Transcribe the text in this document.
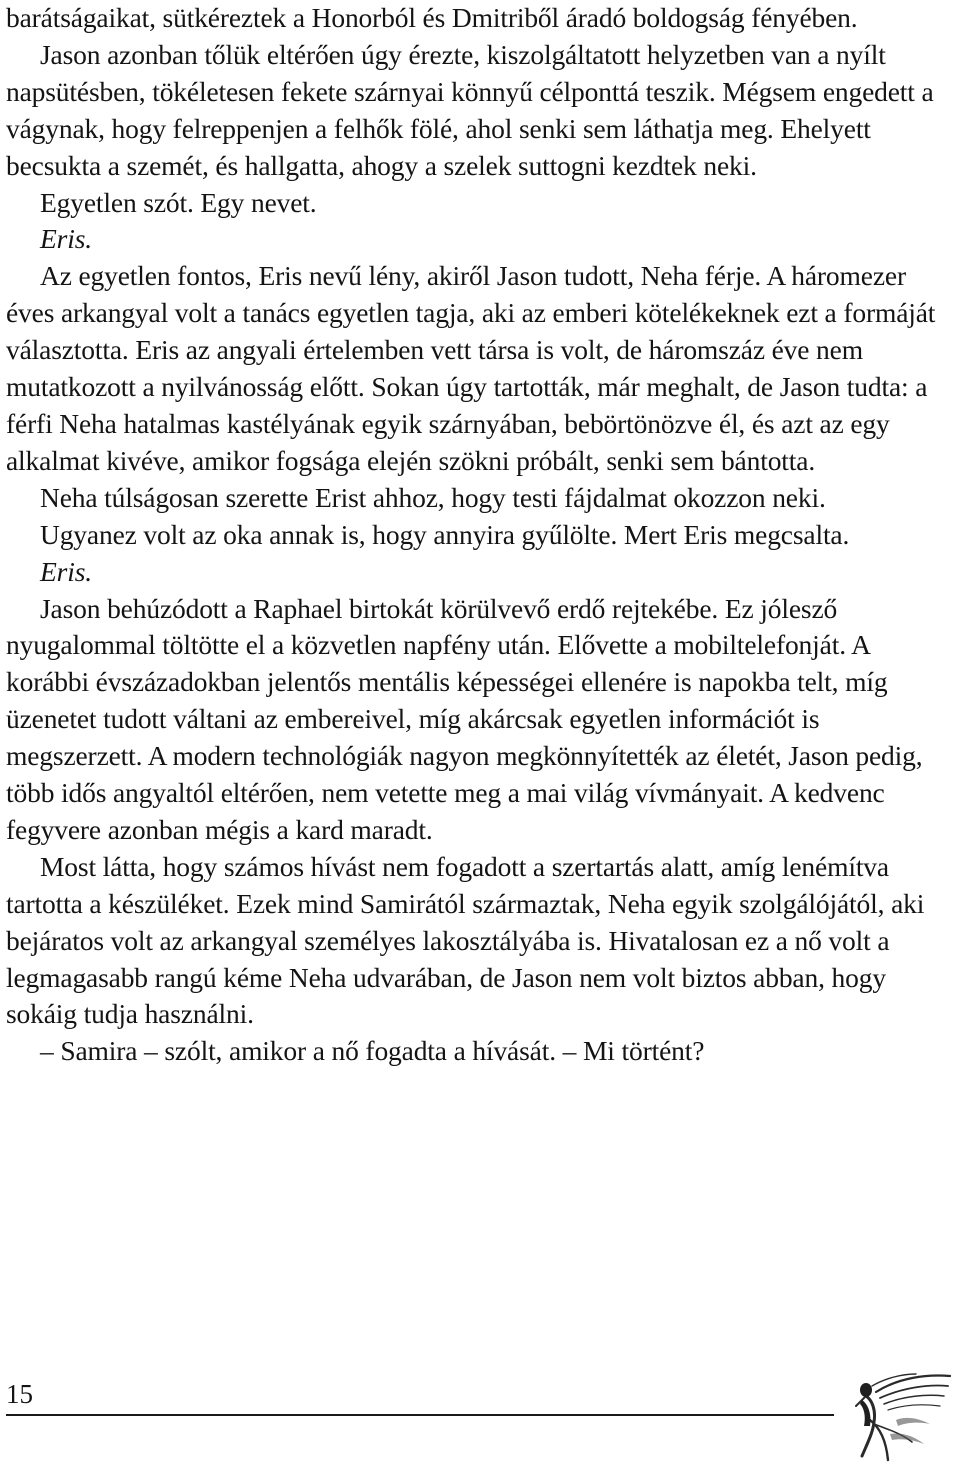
barátságaikat, sütkéreztek a Honorból és Dmitriből áradó boldogság fényében.

Jason azonban tőlük eltérően úgy érezte, kiszolgáltatott helyzetben van a nyílt napsütésben, tökéletesen fekete szárnyai könnyű célponttá teszik. Mégsem engedett a vágynak, hogy felreppenjen a felhők fölé, ahol senki sem láthatja meg. Ehelyett becsukta a szemét, és hallgatta, ahogy a szelek suttogni kezdtek neki.

Egyetlen szót. Egy nevet.

Eris.

Az egyetlen fontos, Eris nevű lény, akiről Jason tudott, Neha férje. A háromezer éves arkangyal volt a tanács egyetlen tagja, aki az emberi kötelékeknek ezt a formáját választotta. Eris az angyali értelemben vett társa is volt, de háromszáz éve nem mutatkozott a nyilvánosság előtt. Sokan úgy tartották, már meghalt, de Jason tudta: a férfi Neha hatalmas kastélyának egyik szárnyában, bebörtönözve él, és azt az egy alkalmat kivéve, amikor fogsága elején szökni próbált, senki sem bántotta.

Neha túlságosan szerette Erist ahhoz, hogy testi fájdalmat okozzon neki.

Ugyanez volt az oka annak is, hogy annyira gyűlölte. Mert Eris megcsalta.

Eris.

Jason behúzódott a Raphael birtokát körülvevő erdő rejtekébe. Ez jólesző nyugalommal töltötte el a közvetlen napfény után. Elővette a mobiltelefonját. A korábbi évszázadokban jelentős mentális képességei ellenére is napokba telt, míg üzenetet tudott váltani az embereivel, míg akárcsak egyetlen információt is megszerzett. A modern technológiák nagyon megkönnyítették az életét, Jason pedig, több idős angyaltól eltérően, nem vetette meg a mai világ vívmányait. A kedvenc fegyvere azonban mégis a kard maradt.

Most látta, hogy számos hívást nem fogadott a szertartás alatt, amíg lenémítva tartotta a készüléket. Ezek mind Samirától származtak, Neha egyik szolgálójától, aki bejáratos volt az arkangyal személyes lakosztályába is. Hivatalosan ez a nő volt a legmagasabb rangú kéme Neha udvarában, de Jason nem volt biztos abban, hogy sokáig tudja használni.

– Samira – szólt, amikor a nő fogadta a hívását. – Mi történt?

15
